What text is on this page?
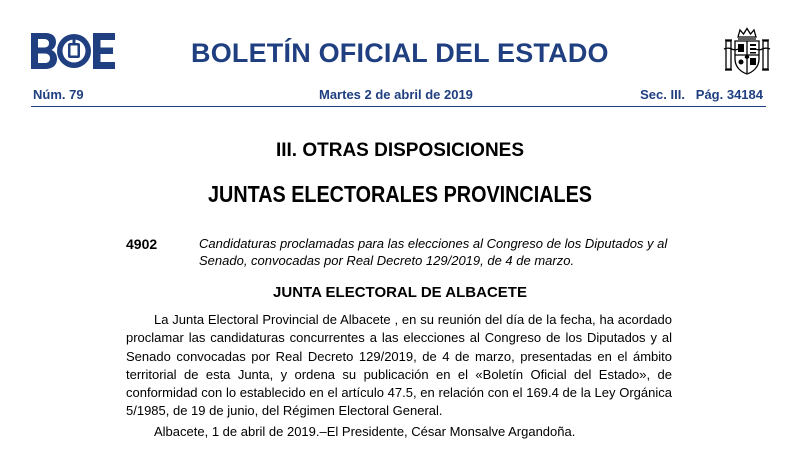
BOLETÍN OFICIAL DEL ESTADO
Núm. 79	Martes 2 de abril de 2019	Sec. III.   Pág. 34184
III. OTRAS DISPOSICIONES
JUNTAS ELECTORALES PROVINCIALES
4902	Candidaturas proclamadas para las elecciones al Congreso de los Diputados y al Senado, convocadas por Real Decreto 129/2019, de 4 de marzo.

JUNTA ELECTORAL DE ALBACETE

La Junta Electoral Provincial de Albacete , en su reunión del día de la fecha, ha acordado proclamar las candidaturas concurrentes a las elecciones al Congreso de los Diputados y al Senado convocadas por Real Decreto 129/2019, de 4 de marzo, presentadas en el ámbito territorial de esta Junta, y ordena su publicación en el «Boletín Oficial del Estado», de conformidad con lo establecido en el artículo 47.5, en relación con el 169.4 de la Ley Orgánica 5/1985, de 19 de junio, del Régimen Electoral General.

Albacete, 1 de abril de 2019.–El Presidente, César Monsalve Argandoña.
